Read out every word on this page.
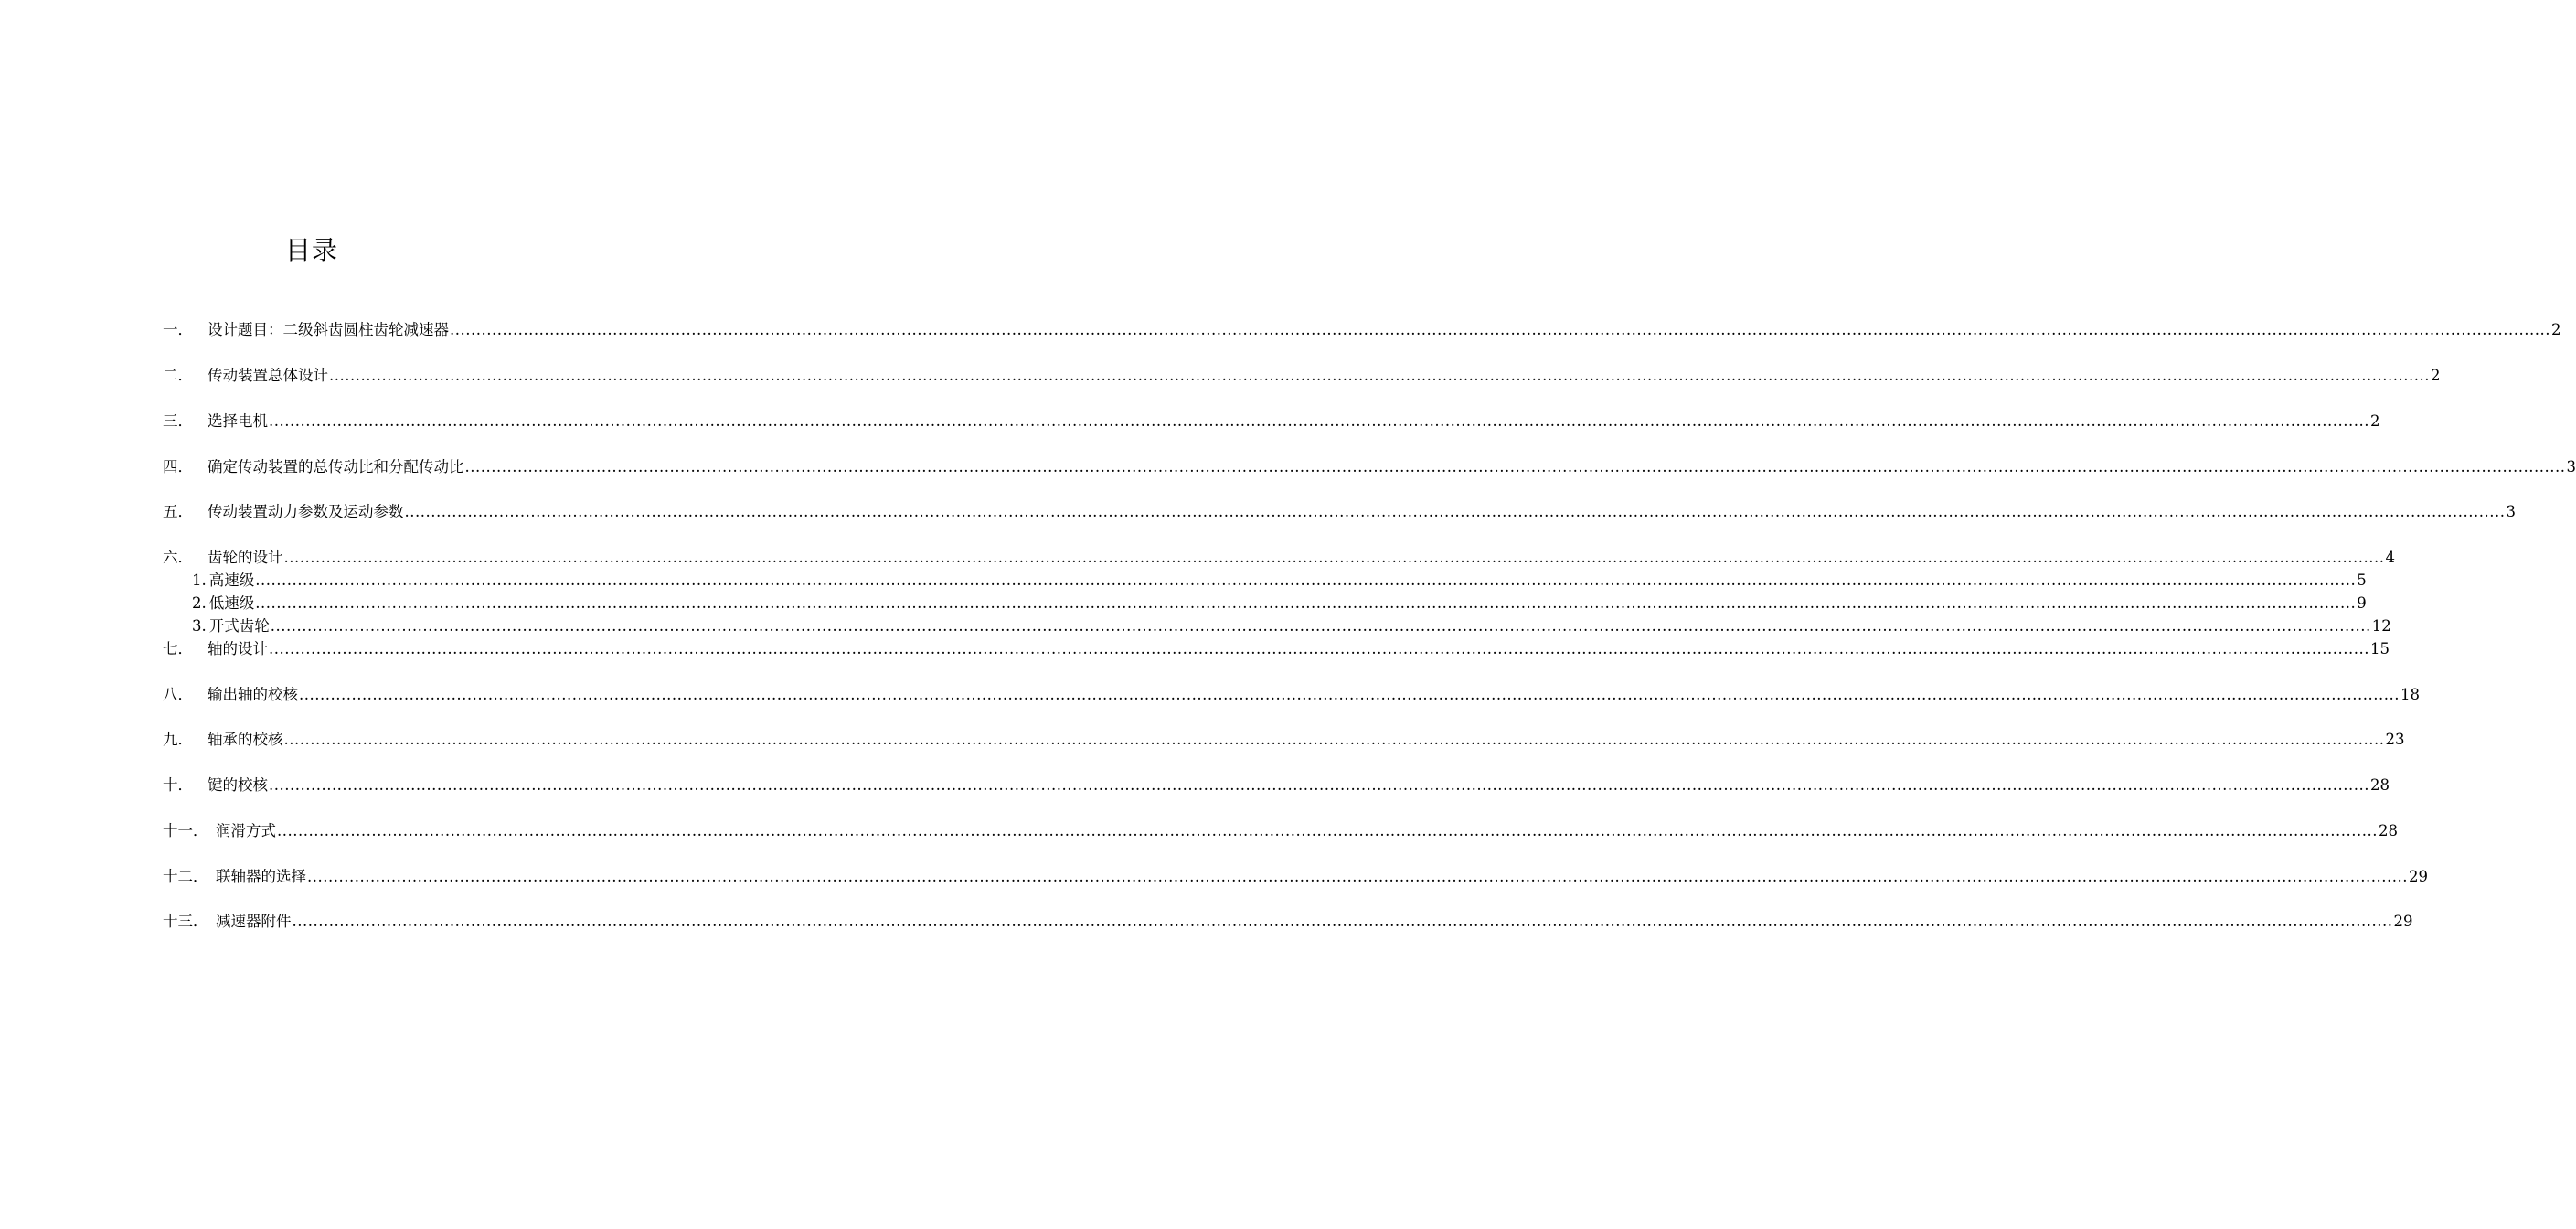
目录
一． 设计题目：二级斜齿圆柱齿轮减速器 ................................................................................................................................................................................................................................................................................................................................................................................................................ 2
二． 传动装置总体设计 ................................................................................................................................................................................................................................................................................................................................................................................................................ 2
三． 选择电机 ................................................................................................................................................................................................................................................................................................................................................................................................................ 2
四． 确定传动装置的总传动比和分配传动比 ................................................................................................................................................................................................................................................................................................................................................................................................................ 3
五． 传动装置动力参数及运动参数 ................................................................................................................................................................................................................................................................................................................................................................................................................ 3
六． 齿轮的设计 ................................................................................................................................................................................................................................................................................................................................................................................................................ 4
1. 高速级 ................................................................................................................................................................................................................................................................................................................................................................................................................ 5
2. 低速级 ................................................................................................................................................................................................................................................................................................................................................................................................................ 9
3. 开式齿轮 ................................................................................................................................................................................................................................................................................................................................................................................................................ 12
七． 轴的设计 ................................................................................................................................................................................................................................................................................................................................................................................................................ 15
八． 输出轴的校核 ................................................................................................................................................................................................................................................................................................................................................................................................................ 18
九． 轴承的校核 ................................................................................................................................................................................................................................................................................................................................................................................................................ 23
十． 键的校核 ................................................................................................................................................................................................................................................................................................................................................................................................................ 28
十一． 润滑方式 ................................................................................................................................................................................................................................................................................................................................................................................................................ 28
十二． 联轴器的选择 ................................................................................................................................................................................................................................................................................................................................................................................................................ 29
十三． 减速器附件 ................................................................................................................................................................................................................................................................................................................................................................................................................ 29
